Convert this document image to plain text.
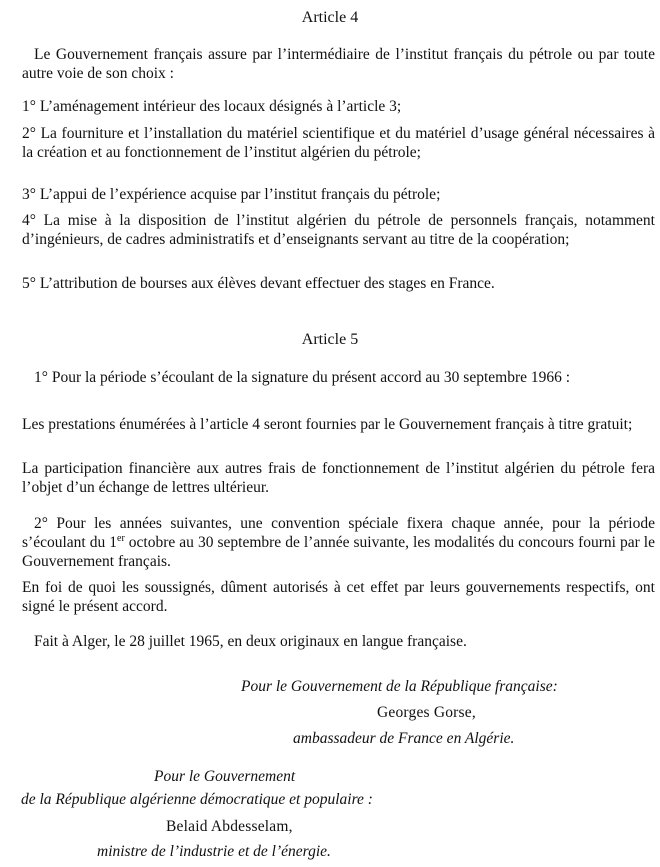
Article 4
Le Gouvernement français assure par l’intermédiaire de l’institut français du pétrole ou par toute autre voie de son choix :
1° L’aménagement intérieur des locaux désignés à l’article 3;
2° La fourniture et l’installation du matériel scientifique et du matériel d’usage général nécessaires à la création et au fonctionnement de l’institut algérien du pétrole;
3° L’appui de l’expérience acquise par l’institut français du pétrole;
4° La mise à la disposition de l’institut algérien du pétrole de personnels français, notamment d’ingénieurs, de cadres administratifs et d’enseignants servant au titre de la coopération;
5° L’attribution de bourses aux élèves devant effectuer des stages en France.
Article 5
1° Pour la période s’écoulant de la signature du présent accord au 30 septembre 1966 :
Les prestations énumérées à l’article 4 seront fournies par le Gouvernement français à titre gratuit;
La participation financière aux autres frais de fonctionnement de l’institut algérien du pétrole fera l’objet d’un échange de lettres ultérieur.
2° Pour les années suivantes, une convention spéciale fixera chaque année, pour la période s’écoulant du 1er octobre au 30 septembre de l’année suivante, les modalités du concours fourni par le Gouvernement français.
En foi de quoi les soussignés, dûment autorisés à cet effet par leurs gouvernements respectifs, ont signé le présent accord.
Fait à Alger, le 28 juillet 1965, en deux originaux en langue française.
Pour le Gouvernement de la République française:
Georges Gorse,
ambassadeur de France en Algérie.
Pour le Gouvernement
de la République algérienne démocratique et populaire :
Belaid Abdesselam,
ministre de l’industrie et de l’énergie.
